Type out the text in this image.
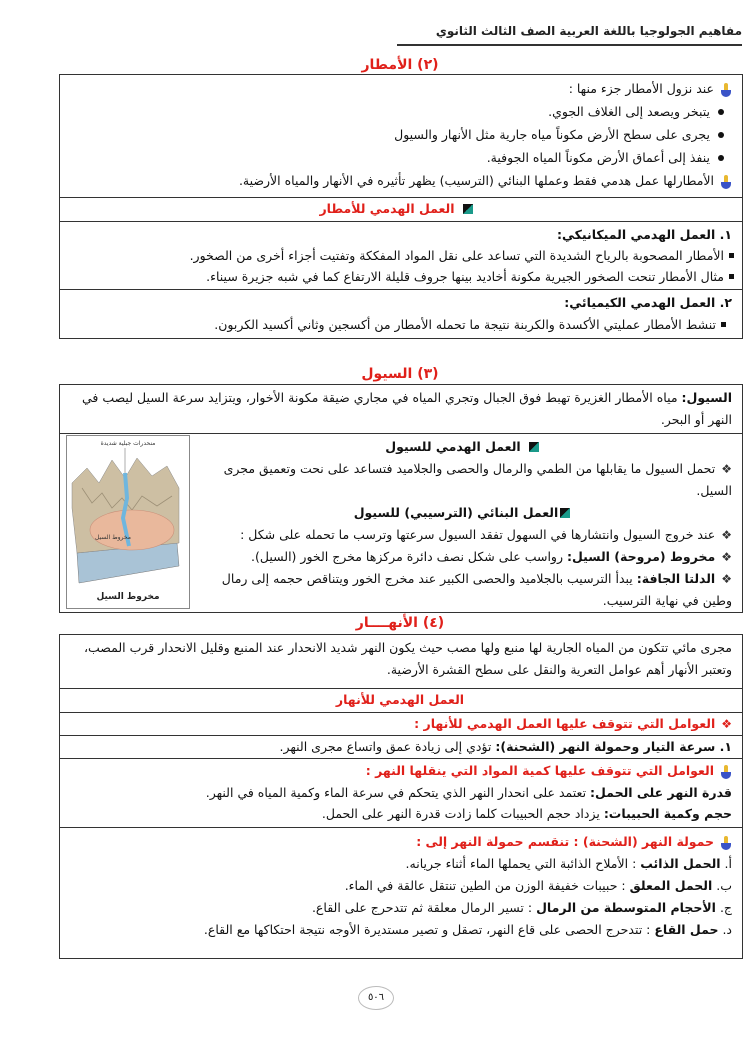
مفاهيم الجولوجيا باللغة العربية الصف الثالث الثانوي
(٢) الأمطار
عند نزول الأمطار جزء منها :
يتبخر ويصعد إلى الغلاف الجوي.
يجرى على سطح الأرض مكوناً مياه جارية مثل الأنهار والسيول
ينفذ إلى أعماق الأرض مكوناً المياه الجوفية.
الأمطارلها عمل هدمي فقط وعملها البنائي (الترسيب) يظهر تأثيره في الأنهار والمياه الأرضية.
العمل الهدمي للأمطار
١. العمل الهدمي الميكانيكي:
الأمطار المصحوبة بالرياح الشديدة التي تساعد على نقل المواد المفككة وتفتيت أجزاء أخرى من الصخور.
مثال الأمطار تنحت الصخور الجيرية مكونة أخاديد بينها جروف قليلة الارتفاع كما في شبه جزيرة سيناء.
٢. العمل الهدمي الكيميائي:
تنشط الأمطار عمليتي الأكسدة والكربنة نتيجة ما تحمله الأمطار من أكسجين وثاني أكسيد الكربون.
(٣) السيول
السيول: مياه الأمطار الغزيرة تهبط فوق الجبال وتجري المياه في مجاري ضيقة مكونة الأخوار، ويتزايد سرعة السيل ليصب في النهر أو البحر.
العمل الهدمي للسيول
❖تحمل السيول ما يقابلها من الطمي والرمال والحصى والجلاميد فتساعد على نحت وتعميق مجرى السيل.
العمل البنائي (الترسيبي) للسيول
❖عند خروج السيول وانتشارها في السهول تفقد السيول سرعتها وترسب ما تحمله على شكل :
❖مخروط (مروحة) السيل: رواسب على شكل نصف دائرة مركزها مخرج الخور (السيل).
❖الدلتا الجافة: يبدأ الترسيب بالجلاميد والحصى الكبير عند مخرج الخور ويتناقص حجمه إلى رمال وطين في نهاية الترسيب.
منحدرات جبلية شديدة
مخروط السيل
مخروط السيل
(٤) الأنهــــار
مجرى مائي تتكون من المياه الجارية لها منبع ولها مصب حيث يكون النهر شديد الانحدار عند المنبع وقليل الانحدار قرب المصب، وتعتبر الأنهار أهم عوامل التعرية والنقل على سطح القشرة الأرضية.
العمل الهدمي للأنهار
❖العوامل التي تتوقف عليها العمل الهدمي للأنهار :
١. سرعة التيار وحمولة النهر (الشحنة): تؤدي إلى زيادة عمق واتساع مجرى النهر.
العوامل التي تتوقف عليها كمية المواد التي ينقلها النهر :
قدرة النهر على الحمل: تعتمد على انحدار النهر الذي يتحكم في سرعة الماء وكمية المياه في النهر.
حجم وكمية الحبيبات: يزداد حجم الحبيبات كلما زادت قدرة النهر على الحمل.
حمولة النهر (الشحنة) : تنقسم حمولة النهر إلى :
أ. الحمل الذائب : الأملاح الذائبة التي يحملها الماء أثناء جريانه.
ب. الحمل المعلق : حبيبات خفيفة الوزن من الطين تنتقل عالقة في الماء.
ج. الأحجام المتوسطة من الرمال : تسير الرمال معلقة ثم تتدحرج على القاع.
د. حمل القاع : تتدحرج الحصى على قاع النهر، تصقل و تصير مستديرة الأوجه نتيجة احتكاكها مع القاع.
٥٠٦
